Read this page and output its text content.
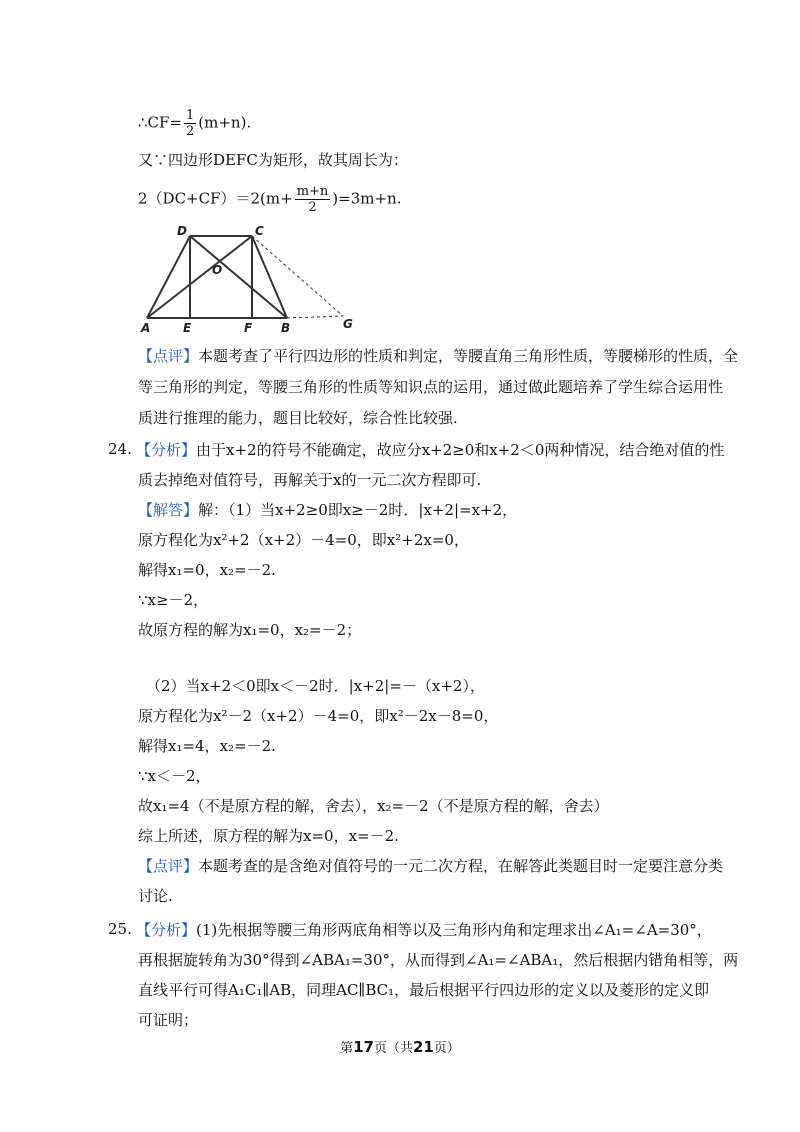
∴CF= $\frac{1}{2} (m+n)$.
又∵四边形DEFC为矩形，故其周长为：
$2(DC+CF)=2(m+ \frac{m+n}{2} )=3m+n$.
D	C
O
A	E	F B	G
【点评】本题考查了平行四边形的性质和判定，等腰直角三角形性质，等腰梯形的性质，全
等三角形的判定，等腰三角形的性质等知识点的运用，通过做此题培养了学生综合运用性
质进行推理的能力，题目比较好，综合性比较强.
24. 【分析】由于x+2的符号不能确定，故应分x+2≥0和x+2＜0两种情况，结合绝对值的性
质去掉绝对值符号，再解关于x的一元二次方程即可.
【解答】解：（1）当x+2≥0即x≥－2时．|x+2|=x+2，
原方程化为x²+2（x+2）－4=0，即x²+2x=0，
解得x₁=0，x₂=－2.
∵x≥－2，
故原方程的解为x₁=0，x₂=－2；
（2）当x+2＜0即x＜－2时．|x+2|=－（x+2），
原方程化为x²－2（x+2）－4=0，即x²－2x－8=0，
解得x₁=4，x₂=－2.
∵x＜－2，
故x₁=4（不是原方程的解，舍去），x₂=－2（不是原方程的解，舍去）
综上所述，原方程的解为x=0，x=－2.
【点评】本题考查的是含绝对值符号的一元二次方程，在解答此类题目时一定要注意分类
讨论.
25. 【分析】(1)先根据等腰三角形两底角相等以及三角形内角和定理求出∠A₁=∠A=30°，
再根据旋转角为30°得到∠ABA₁=30°，从而得到∠A₁=∠ABA₁，然后根据内错角相等，两
直线平行可得A₁C₁∥AB，同理AC∥BC₁，最后根据平行四边形的定义以及菱形的定义即
可证明；
第17页（共21页）
